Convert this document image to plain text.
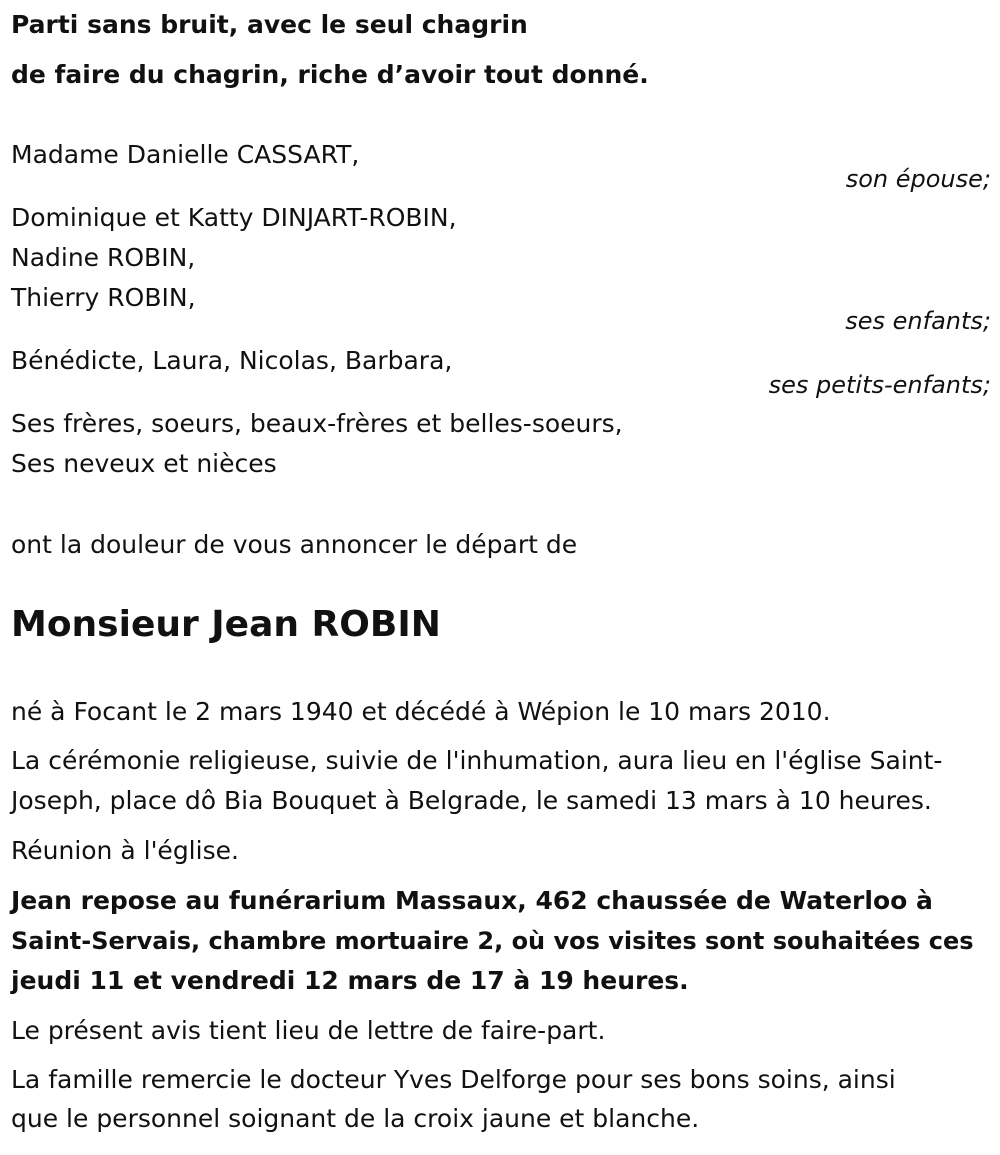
Parti sans bruit, avec le seul chagrin
de faire du chagrin, riche d’avoir tout donné.
Madame Danielle CASSART,
son épouse;
Dominique et Katty DINJART-ROBIN,
Nadine ROBIN,
Thierry ROBIN,
ses enfants;
Bénédicte, Laura, Nicolas, Barbara,
ses petits-enfants;
Ses frères, soeurs, beaux-frères et belles-soeurs,
Ses neveux et nièces
ont la douleur de vous annoncer le départ de
Monsieur Jean ROBIN
né à Focant le 2 mars 1940 et décédé à Wépion le 10 mars 2010.
La cérémonie religieuse, suivie de l'inhumation, aura lieu en l'église Saint-
Joseph, place dô Bia Bouquet à Belgrade, le samedi 13 mars à 10 heures.
Réunion à l'église.
Jean repose au funérarium Massaux, 462 chaussée de Waterloo à
Saint-Servais, chambre mortuaire 2, où vos visites sont souhaitées ces
jeudi 11 et vendredi 12 mars de 17 à 19 heures.
Le présent avis tient lieu de lettre de faire-part.
La famille remercie le docteur Yves Delforge pour ses bons soins, ainsi
que le personnel soignant de la croix jaune et blanche.
